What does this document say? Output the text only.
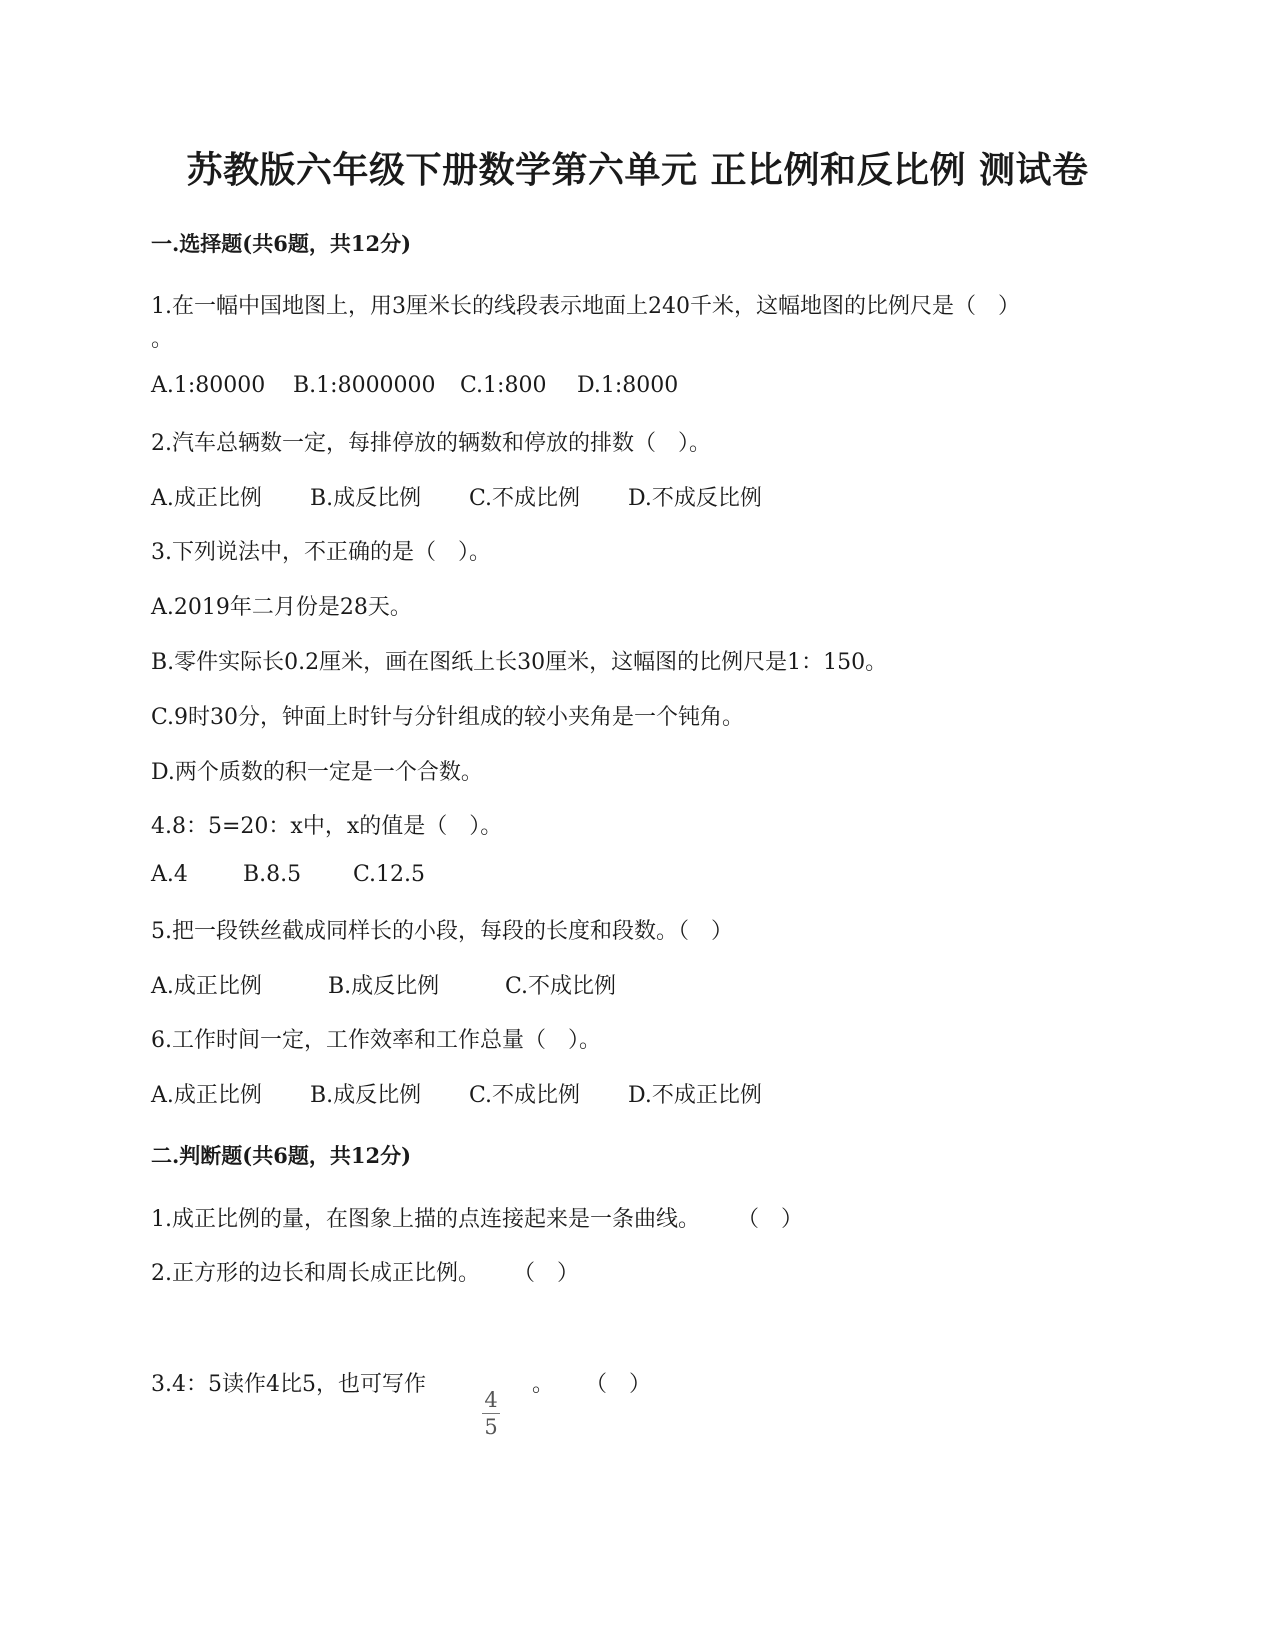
苏教版六年级下册数学第六单元 正比例和反比例 测试卷
一.选择题(共6题，共12分)
1.在一幅中国地图上，用3厘米长的线段表示地面上240千米，这幅地图的比例尺是（　）
。
A.1:80000 B.1:8000000 C.1:800 D.1:8000
2.汽车总辆数一定，每排停放的辆数和停放的排数（　）。
A.成正比例 B.成反比例 C.不成比例 D.不成反比例
3.下列说法中，不正确的是（　）。
A.2019年二月份是28天。
B.零件实际长0.2厘米，画在图纸上长30厘米，这幅图的比例尺是1：150。
C.9时30分，钟面上时针与分针组成的较小夹角是一个钝角。
D.两个质数的积一定是一个合数。
4.8：5=20：x中，x的值是（　）。
A.4	B.8.5 C.12.5
5.把一段铁丝截成同样长的小段，每段的长度和段数。（　）
A.成正比例	B.成反比例	C.不成比例
6.工作时间一定，工作效率和工作总量（　）。
A.成正比例 B.成反比例 C.不成比例 D.不成正比例
二.判断题(共6题，共12分)
1.成正比例的量，在图象上描的点连接起来是一条曲线。 （　）
2.正方形的边长和周长成正比例。 （　）
3.4：5读作4比5，也可写作
4
5
。 （　）
